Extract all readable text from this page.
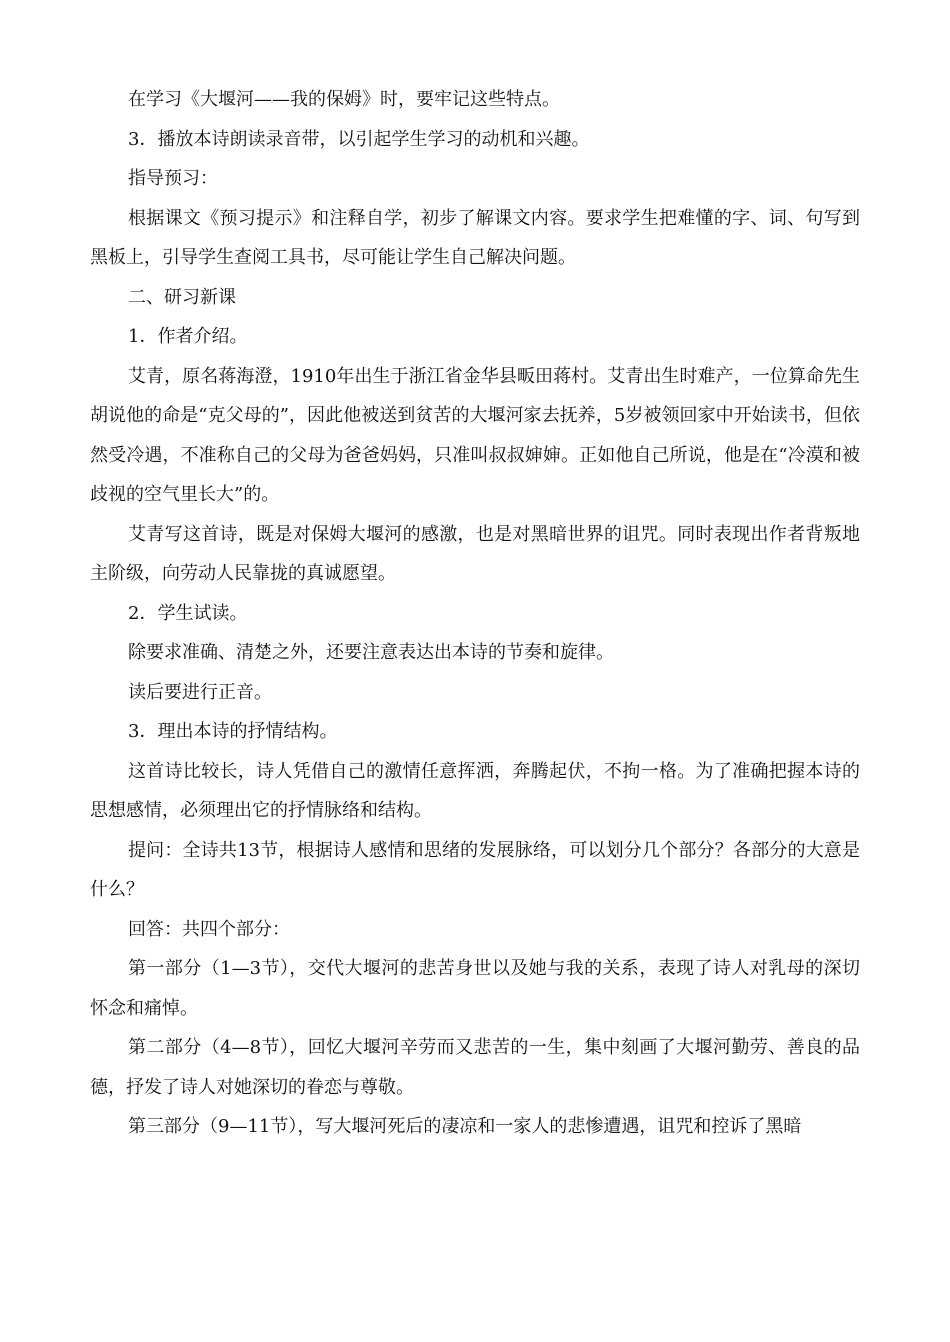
在学习《大堰河——我的保姆》时，要牢记这些特点。

3．播放本诗朗读录音带，以引起学生学习的动机和兴趣。

指导预习：

根据课文《预习提示》和注释自学，初步了解课文内容。要求学生把难懂的字、词、句写到黑板上，引导学生查阅工具书，尽可能让学生自己解决问题。

二、研习新课

1．作者介绍。

艾青，原名蒋海澄，1910年出生于浙江省金华县畈田蒋村。艾青出生时难产，一位算命先生胡说他的命是“克父母的”，因此他被送到贫苦的大堰河家去抚养，5岁被领回家中开始读书，但依然受冷遇，不准称自己的父母为爸爸妈妈，只准叫叔叔婶婶。正如他自己所说，他是在“冷漠和被歧视的空气里长大”的。

艾青写这首诗，既是对保姆大堰河的感激，也是对黑暗世界的诅咒。同时表现出作者背叛地主阶级，向劳动人民靠拢的真诚愿望。

2．学生试读。

除要求准确、清楚之外，还要注意表达出本诗的节奏和旋律。

读后要进行正音。

3．理出本诗的抒情结构。

这首诗比较长，诗人凭借自己的激情任意挥洒，奔腾起伏，不拘一格。为了准确把握本诗的思想感情，必须理出它的抒情脉络和结构。

提问：全诗共13节，根据诗人感情和思绪的发展脉络，可以划分几个部分？各部分的大意是什么？

回答：共四个部分：

第一部分（1—3节），交代大堰河的悲苦身世以及她与我的关系，表现了诗人对乳母的深切怀念和痛悼。

第二部分（4—8节），回忆大堰河辛劳而又悲苦的一生，集中刻画了大堰河勤劳、善良的品德，抒发了诗人对她深切的眷恋与尊敬。

第三部分（9—11节），写大堰河死后的凄凉和一家人的悲惨遭遇，诅咒和控诉了黑暗
